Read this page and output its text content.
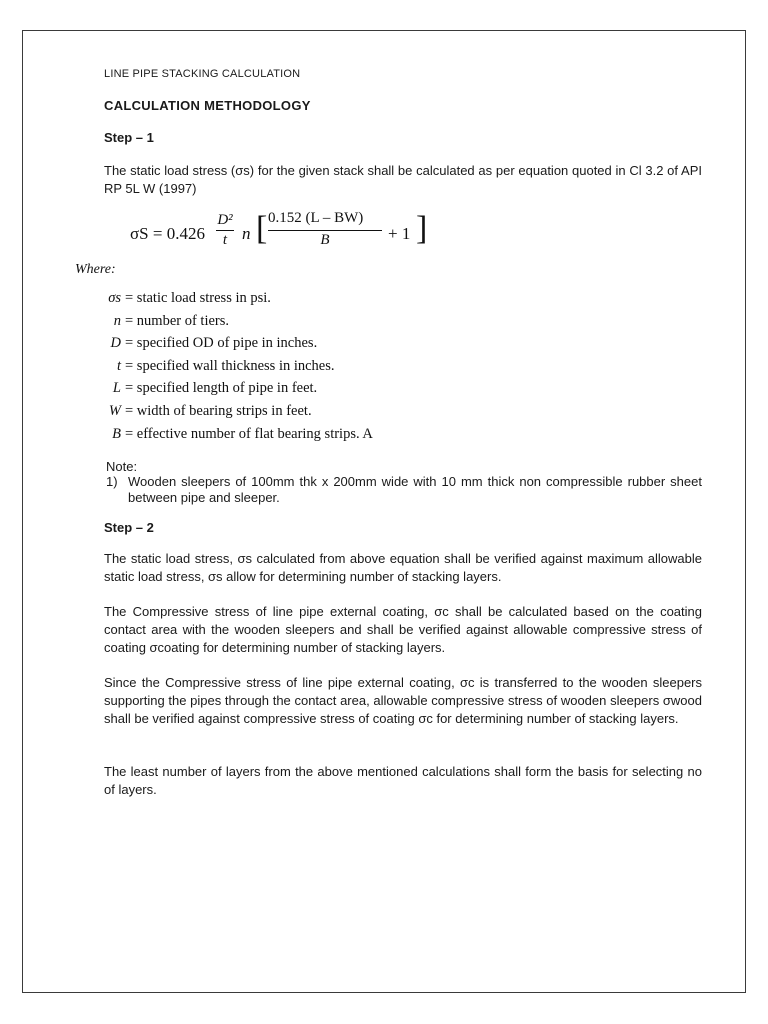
LINE PIPE STACKING CALCULATION
CALCULATION METHODOLOGY
Step – 1
The static load stress (σs) for the given stack shall be calculated as per equation quoted in Cl 3.2 of API RP 5L W (1997)
σS = 0.426
D²
t n [ 0.152 (L – BW)
B	+ 1 ]
Where:
σs = static load stress in psi.
n = number of tiers.
D = specified OD of pipe in inches.
t = specified wall thickness in inches.
L = specified length of pipe in feet.
W = width of bearing strips in feet.
B = effective number of flat bearing strips. A
Note:
1) Wooden sleepers of 100mm thk x 200mm wide with 10 mm thick non compressible rubber sheet between pipe and sleeper.
Step – 2
The static load stress, σs calculated from above equation shall be verified against maximum allowable static load stress, σs allow for determining number of stacking layers.
The Compressive stress of line pipe external coating, σc shall be calculated based on the coating contact area with the wooden sleepers and shall be verified against allowable compressive stress of coating σcoating for determining number of stacking layers.
Since the Compressive stress of line pipe external coating, σc is transferred to the wooden sleepers supporting the pipes through the contact area, allowable compressive stress of wooden sleepers σwood shall be verified against compressive stress of coating σc for determining number of stacking layers.
The least number of layers from the above mentioned calculations shall form the basis for selecting no of layers.
